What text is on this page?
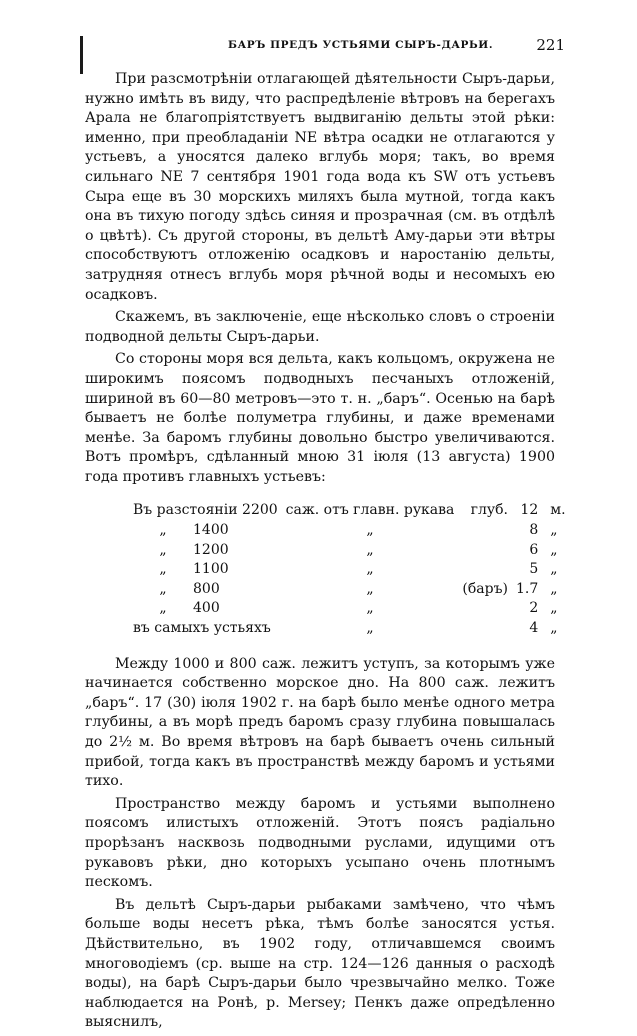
БАРЪ ПРЕДЪ УСТЬЯМИ СЫРЪ-ДАРЬИ.	221

При разсмотрѣніи отлагающей дѣятельности Сыръ-дарьи, нужно имѣть въ виду, что распредѣленіе вѣтровъ на берегахъ Арала не благопріятствуетъ выдвиганію дельты этой рѣки: именно, при преобладаніи NE вѣтра осадки не отлагаются у устьевъ, а уносятся далеко вглубь моря; такъ, во время сильнаго NE 7 сентября 1901 года вода къ SW отъ устьевъ Сыра еще въ 30 морскихъ миляхъ была мутной, тогда какъ она въ тихую погоду здѣсь синяя и прозрачная (см. въ отдѣлѣ о цвѣтѣ). Съ другой стороны, въ дельтѣ Аму-дарьи эти вѣтры способствуютъ отложенію осадковъ и наростанію дельты, затрудняя отнесъ вглубь моря рѣчной воды и несомыхъ ею осадковъ.

Скажемъ, въ заключеніе, еще нѣсколько словъ о строеніи подводной дельты Сыръ-дарьи.

Со стороны моря вся дельта, какъ кольцомъ, окружена не широкимъ поясомъ подводныхъ песчаныхъ отложеній, шириной въ 60—80 метровъ—это т. н. „баръ“. Осенью на барѣ бываетъ не болѣе полуметра глубины, и даже временами менѣе. За баромъ глубины довольно быстро увеличиваются. Вотъ промѣръ, сдѣланный мною 31 іюля (13 августа) 1900 года противъ главныхъ устьевъ:

Въ разстояніи 2200	саж. отъ главн. рукава	глуб.	12	м.
„ 1400	„		8	„
„ 1200	„		6	„
„ 1100	„		5	„
„ 800	„	(баръ)	1.7	„
„ 400	„		2	„
въ самыхъ устьяхъ	„		4	„

Между 1000 и 800 саж. лежитъ уступъ, за которымъ уже начинается собственно морское дно. На 800 саж. лежитъ „баръ“. 17 (30) іюля 1902 г. на барѣ было менѣе одного метра глубины, а въ морѣ предъ баромъ сразу глубина повышалась до 2½ м. Во время вѣтровъ на барѣ бываетъ очень сильный прибой, тогда какъ въ пространствѣ между баромъ и устьями тихо.

Пространство между баромъ и устьями выполнено поясомъ илистыхъ отложеній. Этотъ поясъ радіально прорѣзанъ насквозь подводными руслами, идущими отъ рукавовъ рѣки, дно которыхъ усыпано очень плотнымъ пескомъ.

Въ дельтѣ Сыръ-дарьи рыбаками замѣчено, что чѣмъ больше воды несетъ рѣка, тѣмъ болѣе заносятся устья. Дѣйствительно, въ 1902 году, отличавшемся своимъ многоводіемъ (ср. выше на стр. 124—126 данныя о расходѣ воды), на барѣ Сыръ-дарьи было чрезвычайно мелко. Тоже наблюдается на Ронѣ, р. Mersey; Пенкъ даже опредѣленно выяснилъ,
